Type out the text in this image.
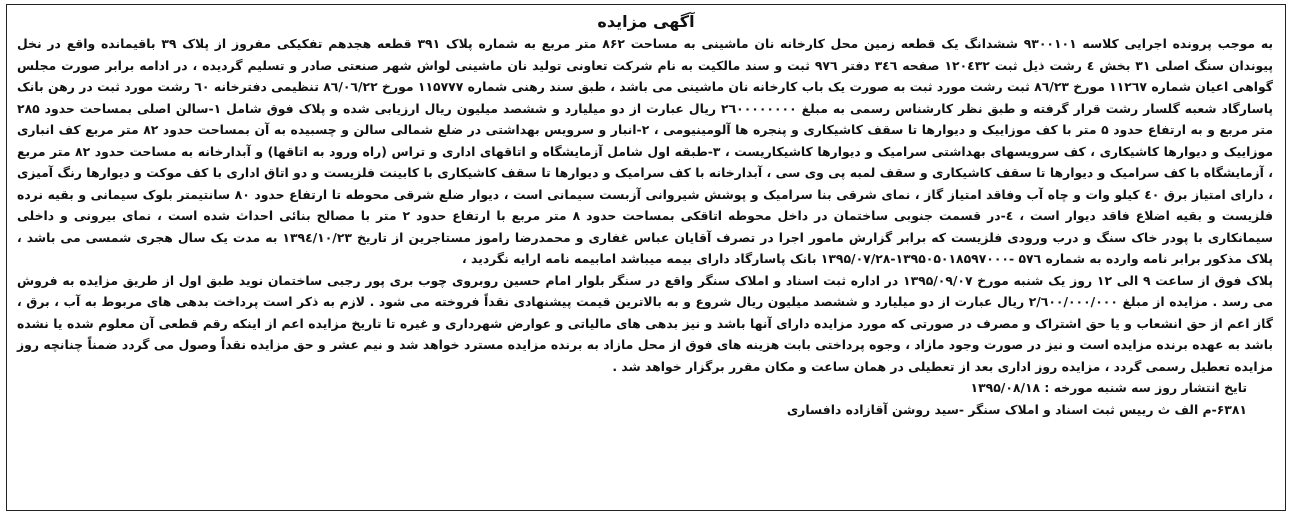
آگهی مزایده

به موجب پرونده اجرایی کلاسه ۹۳۰۰۱۰۱ ششدانگ یک قطعه زمین محل کارخانه نان ماشینی به مساحت ۸۶۲ متر مربع به شماره پلاک ۳۹۱ قطعه هجدهم تفکیکی مفروز از پلاک ۳۹ باقیمانده واقع در نخل پیوندان سنگ اصلی ۳۱ بخش ٤ رشت ذیل ثبت ۱۲۰٤۳۲ صفحه ۳٤٦ دفتر ۹۷٦ ثبت و سند مالکیت به نام شرکت تعاونی تولید نان ماشینی لواش شهر صنعتی صادر و تسلیم گردیده ، در ادامه برابر صورت مجلس گواهی اعیان شماره ۱۱۲٦۷ مورخ ۸٦/۲۳ ثبت رشت مورد ثبت به صورت یک باب کارخانه نان ماشینی می باشد ، طبق سند رهنی شماره ۱۱۵۷۷۷ مورخ ۸٦/۰٦/۲۲ تنظیمی دفترخانه ٦۰ رشت مورد ثبت در رهن بانک پاسارگاد شعبه گلسار رشت قرار گرفته و طبق نظر کارشناس رسمی به مبلغ ۲٦۰۰۰۰۰۰۰۰ ریال عبارت از دو میلیارد و ششصد میلیون ریال ارزیابی شده و پلاک فوق شامل ۱-سالن اصلی بمساحت حدود ۲۸۵ متر مربع و به ارتفاع حدود ۵ متر با کف موزاییک و دیوارها تا سقف کاشیکاری و پنجره ها آلومینیومی ، ۲-انبار و سرویس بهداشتی در ضلع شمالی سالن و چسبیده به آن بمساحت حدود ۸۲ متر مربع کف انباری موزاییک و دیوارها کاشیکاری ، کف سرویسهای بهداشتی سرامیک و دیوارها کاشیکاریست ، ۳-طبقه اول شامل آزمایشگاه و اتاقهای اداری و تراس (راه ورود به اتاقها) و آبدارخانه به مساحت حدود ۸۲ متر مربع ، آزمایشگاه با کف سرامیک و دیوارها تا سقف کاشیکاری و سقف لمبه پی وی سی ، آبدارخانه با کف سرامیک و دیوارها تا سقف کاشیکاری با کابینت فلزیست و دو اتاق اداری با کف موکت و دیوارها رنگ آمیزی ، دارای امتیاز برق ٤۰ کیلو وات و چاه آب وفاقد امتیاز گاز ، نمای شرقی بنا سرامیک و پوشش شیروانی آزبست سیمانی است ، دیوار ضلع شرقی محوطه تا ارتفاع حدود ۸۰ سانتیمتر بلوک سیمانی و بقیه نرده فلزیست و بقیه اضلاع فاقد دیوار است ، ٤-در قسمت جنوبی ساختمان در داخل محوطه اتاقکی بمساحت حدود ۸ متر مربع با ارتفاع حدود ۲ متر با مصالح بنائی احداث شده است ، نمای بیرونی و داخلی سیمانکاری با پودر خاک سنگ و درب ورودی فلزیست که برابر گزارش مامور اجرا در تصرف آقایان عباس غفاری و محمدرضا راموز مستاجرین از تاریخ ۱۳۹٤/۱۰/۲۳ به مدت یک سال هجری شمسی می باشد ، پلاک مذکور برابر نامه وارده به شماره ۵۷٦ -۱۳۹۵۰۵۰۱۸۵۹۷۰۰۰-۱۳۹۵/۰۷/۲۸ بانک پاسارگاد دارای بیمه میباشد امابیمه نامه ارایه نگردید ،

پلاک فوق از ساعت ۹ الی ۱۲ روز یک شنبه مورخ ۱۳۹۵/۰۹/۰۷ در اداره ثبت اسناد و املاک سنگر واقع در سنگر بلوار امام حسین روبروی چوب بری پور رجبی ساختمان نوید طبق اول از طریق مزایده به فروش می رسد . مزایده از مبلغ ۲/٦۰۰/۰۰۰/۰۰۰ ریال عبارت از دو میلیارد و ششصد میلیون ریال شروع و به بالاترین قیمت پیشنهادی نقداً فروخته می شود . لازم به ذکر است پرداخت بدهی های مربوط به آب ، برق ، گاز اعم از حق انشعاب و یا حق اشتراک و مصرف در صورتی که مورد مزایده دارای آنها باشد و نیز بدهی های مالیاتی و عوارض شهرداری و غیره تا تاریخ مزایده اعم از اینکه رقم قطعی آن معلوم شده یا نشده باشد به عهده برنده مزایده است و نیز در صورت وجود مازاد ، وجوه پرداختی بابت هزینه های فوق از محل مازاد به برنده مزایده مسترد خواهد شد و نیم عشر و حق مزایده نقداً وصول می گردد ضمناً چنانچه روز مزایده تعطیل رسمی گردد ، مزایده روز اداری بعد از تعطیلی در همان ساعت و مکان مقرر برگزار خواهد شد .

تایخ انتشار روز سه شنبه مورخه : ۱۳۹۵/۰۸/۱۸

۶۳۸۱-م الف ث رییس ثبت اسناد و املاک سنگر -سید روشن آقازاده دافساری
